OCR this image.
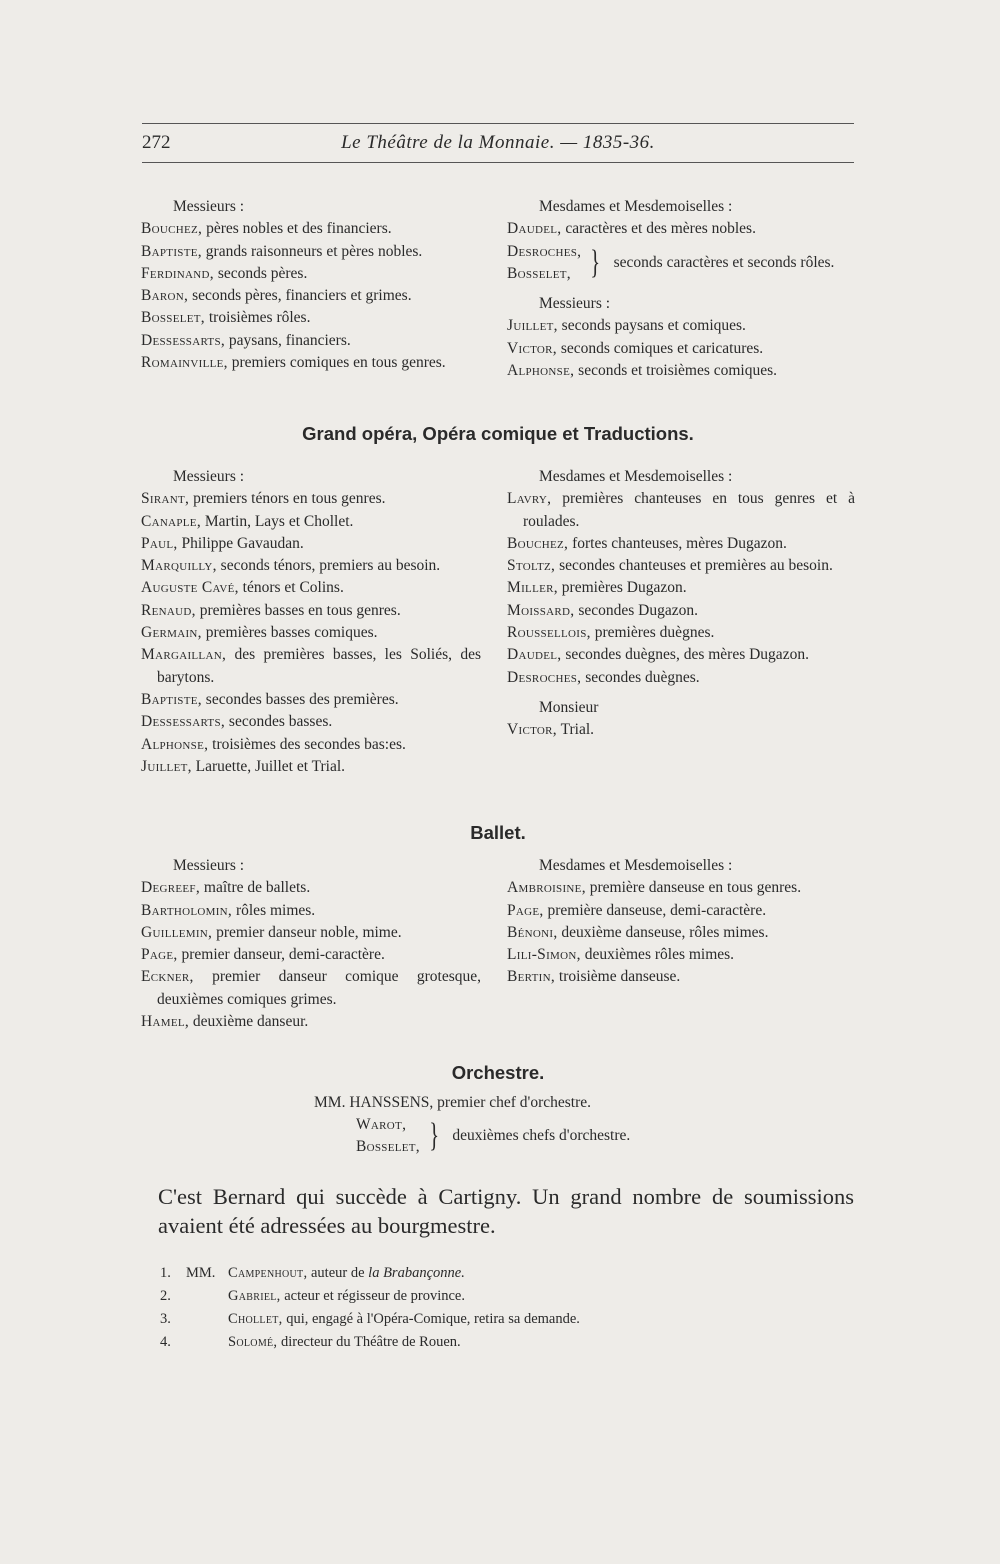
272	Le Théâtre de la Monnaie. — 1835-36.
Messieurs :
Bouchez, pères nobles et des financiers.
Baptiste, grands raisonneurs et pères nobles.
Ferdinand, seconds pères.
Baron, seconds pères, financiers et grimes.
Bosselet, troisièmes rôles.
Dessessarts, paysans, financiers.
Romainville, premiers comiques en tous genres.
Mesdames et Mesdemoiselles :
Daudel, caractères et des mères nobles.
Desroches,
Bosselet, } seconds caractères et seconds rôles.
Messieurs :
Juillet, seconds paysans et comiques.
Victor, seconds comiques et caricatures.
Alphonse, seconds et troisièmes comiques.
Grand opéra, Opéra comique et Traductions.
Messieurs :
Sirant, premiers ténors en tous genres.
Canaple, Martin, Lays et Chollet.
Paul, Philippe Gavaudan.
Marquilly, seconds ténors, premiers au besoin.
Auguste Cavé, ténors et Colins.
Renaud, premières basses en tous genres.
Germain, premières basses comiques.
Margaillan, des premières basses, les Soliés, des barytons.
Baptiste, secondes basses des premières.
Dessessarts, secondes basses.
Alphonse, troisièmes des secondes bas:es.
Juillet, Laruette, Juillet et Trial.
Mesdames et Mesdemoiselles :
Lavry, premières chanteuses en tous genres et à roulades.
Bouchez, fortes chanteuses, mères Dugazon.
Stoltz, secondes chanteuses et premières au besoin.
Miller, premières Dugazon.
Moissard, secondes Dugazon.
Roussellois, premières duègnes.
Daudel, secondes duègnes, des mères Dugazon.
Desroches, secondes duègnes.
Monsieur
Victor, Trial.
Ballet.
Messieurs :
Degreef, maître de ballets.
Bartholomin, rôles mimes.
Guillemin, premier danseur noble, mime.
Page, premier danseur, demi-caractère.
Eckner, premier danseur comique grotesque, deuxièmes comiques grimes.
Hamel, deuxième danseur.
Mesdames et Mesdemoiselles :
Ambroisine, première danseuse en tous genres.
Page, première danseuse, demi-caractère.
Bénoni, deuxième danseuse, rôles mimes.
Lili-Simon, deuxièmes rôles mimes.
Bertin, troisième danseuse.
Orchestre.
MM. HANSSENS, premier chef d'orchestre.
Warot,
Bosselet, } deuxièmes chefs d'orchestre.
C'est Bernard qui succède à Cartigny. Un grand nombre de soumissions avaient été adressées au bourgmestre.
1.	MM. Campenhout, auteur de la Brabançonne.
2.	Gabriel, acteur et régisseur de province.
3.	Chollet, qui, engagé à l'Opéra-Comique, retira sa demande.
4.	Solomé, directeur du Théâtre de Rouen.
